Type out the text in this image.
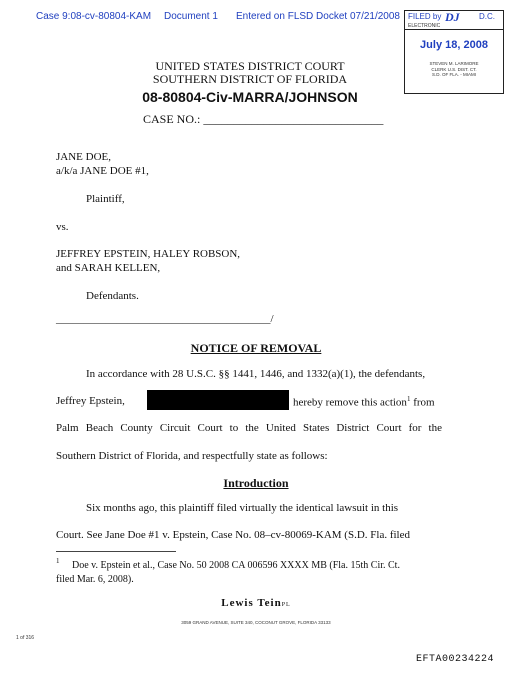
Case 9:08-cv-80804-KAM Document 1 Entered on FLSD Docket 07/21/2008 FILED by DJ D.C.
ELECTRONIC
July 18, 2008
STEVEN M. LARIMORE
CLERK U.S. DIST. CT.
S.D. OF FLA. - MIAMI
UNITED STATES DISTRICT COURT
SOUTHERN DISTRICT OF FLORIDA
08-80804-Civ-MARRA/JOHNSON
CASE NO.: ______________________________
JANE DOE,
a/k/a JANE DOE #1,
Plaintiff,
vs.
JEFFREY EPSTEIN, HALEY ROBSON,
and SARAH KELLEN,
Defendants.
_______________________________________/
NOTICE OF REMOVAL
In accordance with 28 U.S.C. §§ 1441, 1446, and 1332(a)(1), the defendants,
Jeffrey Epstein,	hereby remove this action$^1$ from
Palm Beach County Circuit Court to the United States District Court for the
Southern District of Florida, and respectfully state as follows:
Introduction
Six months ago, this plaintiff filed virtually the identical lawsuit in this
Court. See Jane Doe #1 v. Epstein, Case No. 08–cv-80069-KAM (S.D. Fla. filed
1 Doe v. Epstein et al., Case No. 50 2008 CA 006596 XXXX MB (Fla. 15th Cir. Ct.
filed Mar. 6, 2008).
Lewis TeinPL
3059 GRAND AVENUE, SUITE 340, COCONUT GROVE, FLORIDA 33133
1 of 316
EFTA00234224
